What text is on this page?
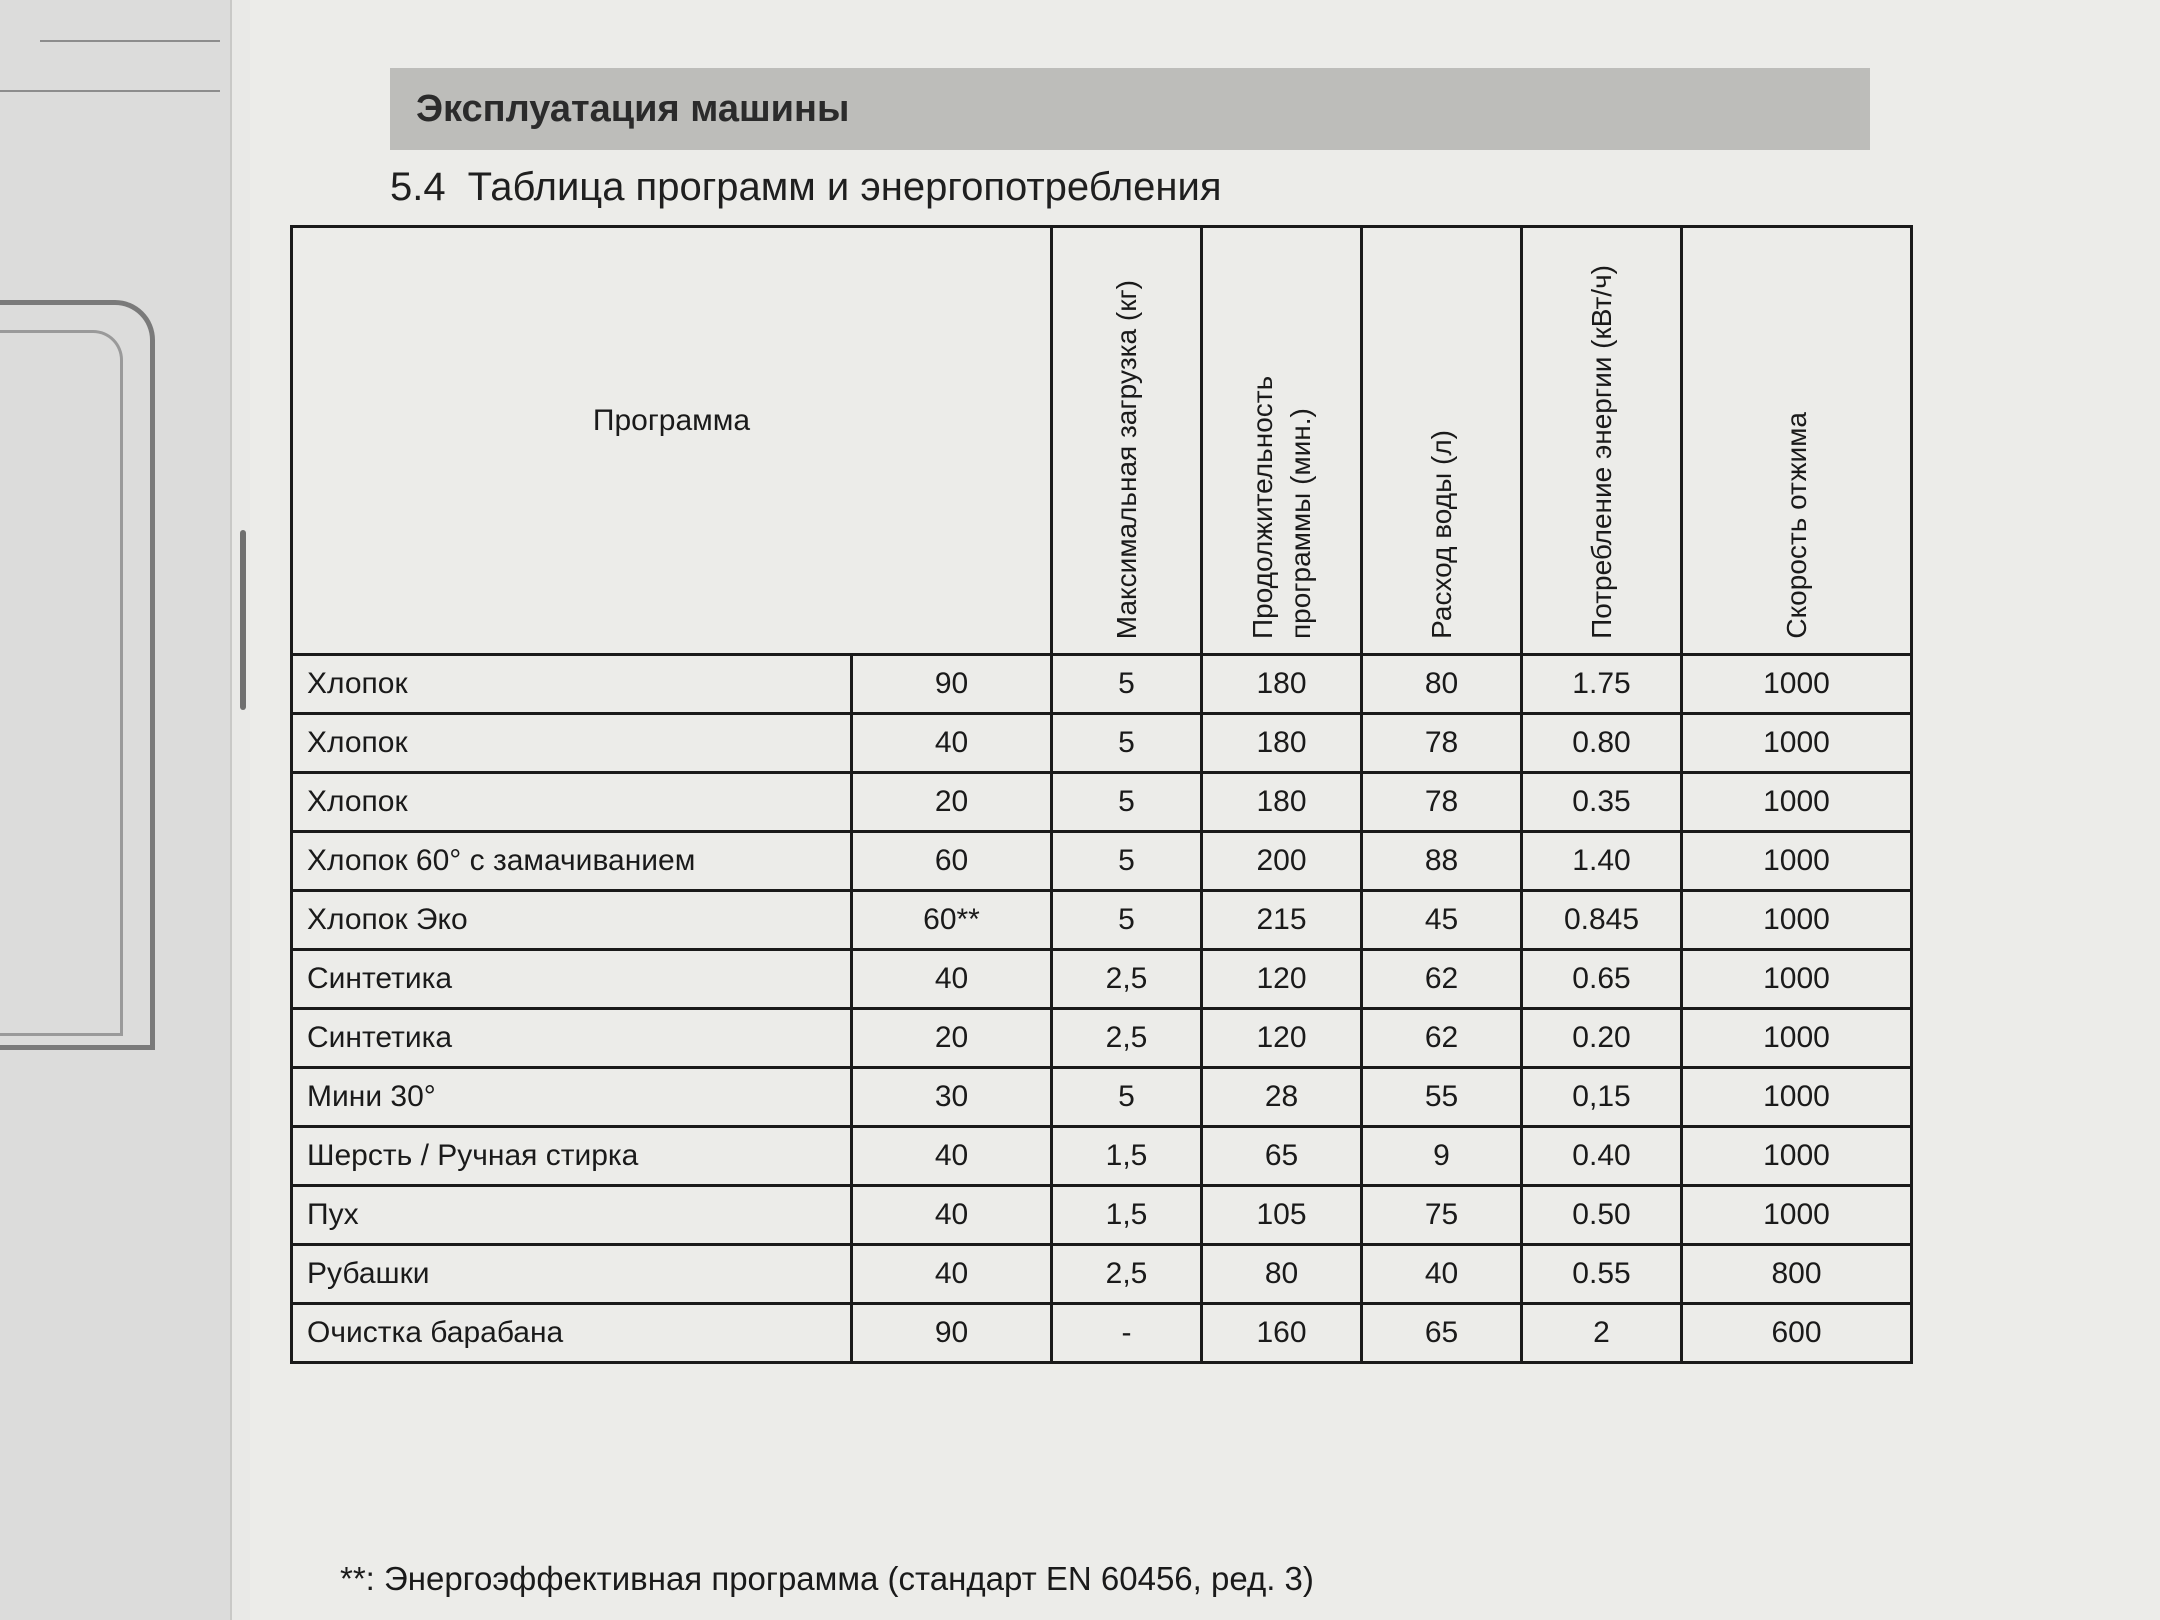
Эксплуатация машины
5.4 Таблица программ и энергопотребления
Программа		Максимальная загрузка (кг)	Продолжительность программы (мин.)	Расход воды (л)	Потребление энергии (кВт/ч)	Скорость отжима

Хлопок	90	5	180	80	1.75	1000
Хлопок	40	5	180	78	0.80	1000
Хлопок	20	5	180	78	0.35	1000
Хлопок 60° с замачиванием	60	5	200	88	1.40	1000
Хлопок Эко	60**	5	215	45	0.845	1000
Синтетика	40	2,5	120	62	0.65	1000
Синтетика	20	2,5	120	62	0.20	1000
Мини 30°	30	5	28	55	0,15	1000
Шерсть / Ручная стирка	40	1,5	65	9	0.40	1000
Пух	40	1,5	105	75	0.50	1000
Рубашки	40	2,5	80	40	0.55	800
Очистка барабана	90	-	160	65	2	600
**: Энергоэффективная программа (стандарт EN 60456, ред. 3)
